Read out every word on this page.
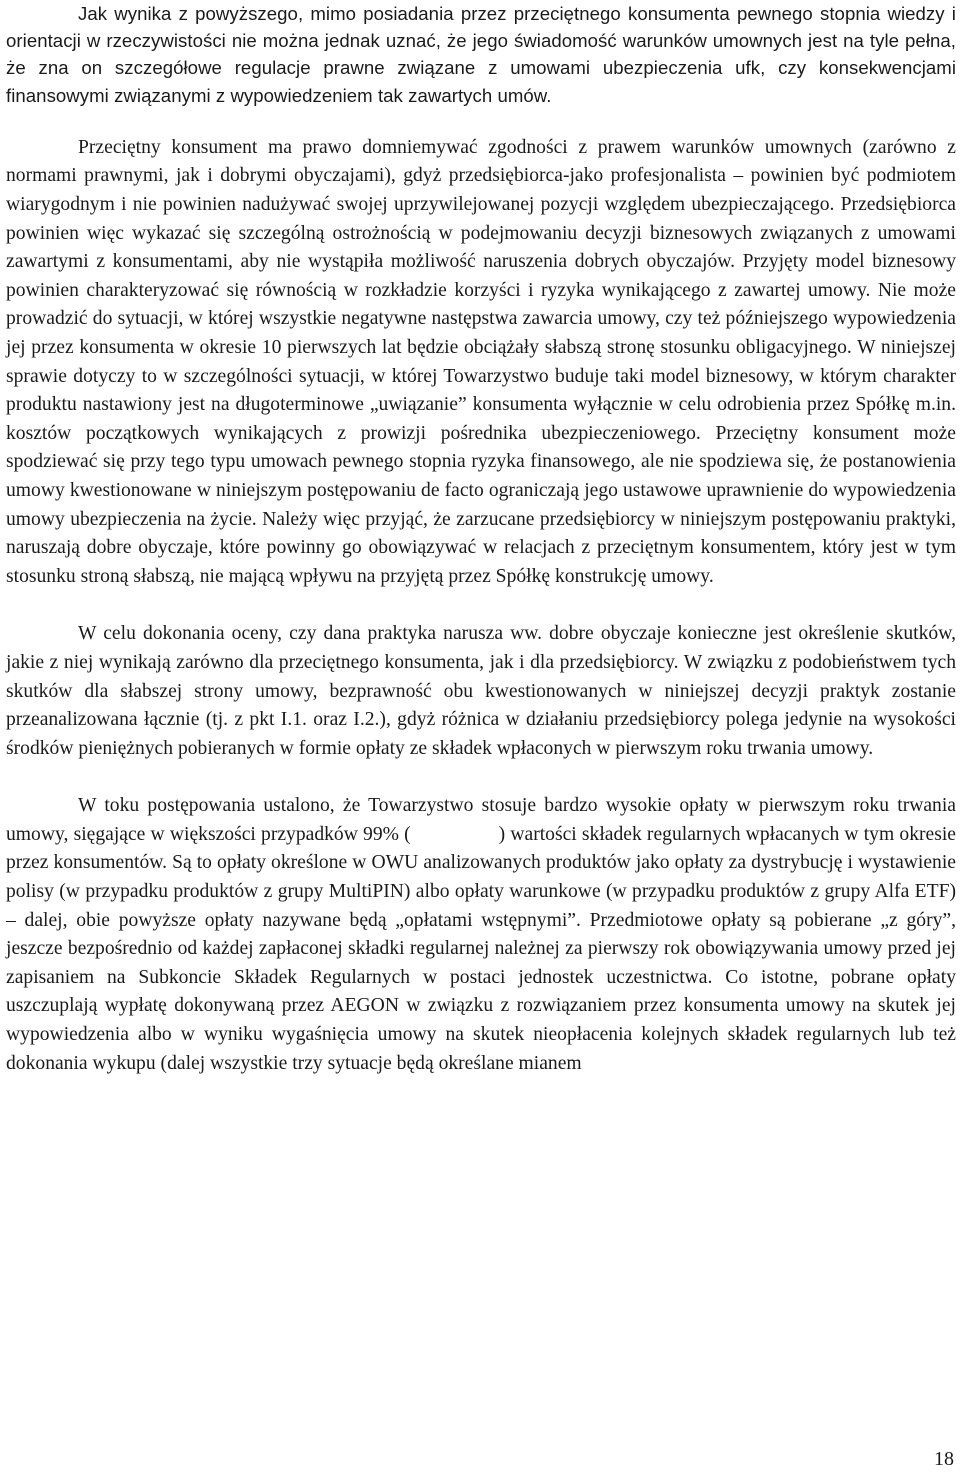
Jak wynika z powyższego, mimo posiadania przez przeciętnego konsumenta pewnego stopnia wiedzy i orientacji w rzeczywistości nie można jednak uznać, że jego świadomość warunków umownych jest na tyle pełna, że zna on szczegółowe regulacje prawne związane z umowami ubezpieczenia ufk, czy konsekwencjami finansowymi związanymi z wypowiedzeniem tak zawartych umów.

Przeciętny konsument ma prawo domniemywać zgodności z prawem warunków umownych (zarówno z normami prawnymi, jak i dobrymi obyczajami), gdyż przedsiębiorca-jako profesjonalista – powinien być podmiotem wiarygodnym i nie powinien nadużywać swojej uprzywilejowanej pozycji względem ubezpieczającego. Przedsiębiorca powinien więc wykazać się szczególną ostrożnością w podejmowaniu decyzji biznesowych związanych z umowami zawartymi z konsumentami, aby nie wystąpiła możliwość naruszenia dobrych obyczajów. Przyjęty model biznesowy powinien charakteryzować się równością w rozkładzie korzyści i ryzyka wynikającego z zawartej umowy. Nie może prowadzić do sytuacji, w której wszystkie negatywne następstwa zawarcia umowy, czy też późniejszego wypowiedzenia jej przez konsumenta w okresie 10 pierwszych lat będzie obciążały słabszą stronę stosunku obligacyjnego. W niniejszej sprawie dotyczy to w szczególności sytuacji, w której Towarzystwo buduje taki model biznesowy, w którym charakter produktu nastawiony jest na długoterminowe „uwiązanie” konsumenta wyłącznie w celu odrobienia przez Spółkę m.in. kosztów początkowych wynikających z prowizji pośrednika ubezpieczeniowego. Przeciętny konsument może spodziewać się przy tego typu umowach pewnego stopnia ryzyka finansowego, ale nie spodziewa się, że postanowienia umowy kwestionowane w niniejszym postępowaniu de facto ograniczają jego ustawowe uprawnienie do wypowiedzenia umowy ubezpieczenia na życie. Należy więc przyjąć, że zarzucane przedsiębiorcy w niniejszym postępowaniu praktyki, naruszają dobre obyczaje, które powinny go obowiązywać w relacjach z przeciętnym konsumentem, który jest w tym stosunku stroną słabszą, nie mającą wpływu na przyjętą przez Spółkę konstrukcję umowy.

W celu dokonania oceny, czy dana praktyka narusza ww. dobre obyczaje konieczne jest określenie skutków, jakie z niej wynikają zarówno dla przeciętnego konsumenta, jak i dla przedsiębiorcy. W związku z podobieństwem tych skutków dla słabszej strony umowy, bezprawność obu kwestionowanych w niniejszej decyzji praktyk zostanie przeanalizowana łącznie (tj. z pkt I.1. oraz I.2.), gdyż różnica w działaniu przedsiębiorcy polega jedynie na wysokości środków pieniężnych pobieranych w formie opłaty ze składek wpłaconych w pierwszym roku trwania umowy.

W toku postępowania ustalono, że Towarzystwo stosuje bardzo wysokie opłaty w pierwszym roku trwania umowy, sięgające w większości przypadków 99% (	) wartości składek regularnych wpłacanych w tym okresie przez konsumentów. Są to opłaty określone w OWU analizowanych produktów jako opłaty za dystrybucję i wystawienie polisy (w przypadku produktów z grupy MultiPIN) albo opłaty warunkowe (w przypadku produktów z grupy Alfa ETF) – dalej, obie powyższe opłaty nazywane będą „opłatami wstępnymi”. Przedmiotowe opłaty są pobierane „z góry”, jeszcze bezpośrednio od każdej zapłaconej składki regularnej należnej za pierwszy rok obowiązywania umowy przed jej zapisaniem na Subkoncie Składek Regularnych w postaci jednostek uczestnictwa. Co istotne, pobrane opłaty uszczuplają wypłatę dokonywaną przez AEGON w związku z rozwiązaniem przez konsumenta umowy na skutek jej wypowiedzenia albo w wyniku wygaśnięcia umowy na skutek nieopłacenia kolejnych składek regularnych lub też dokonania wykupu (dalej wszystkie trzy sytuacje będą określane mianem

18
